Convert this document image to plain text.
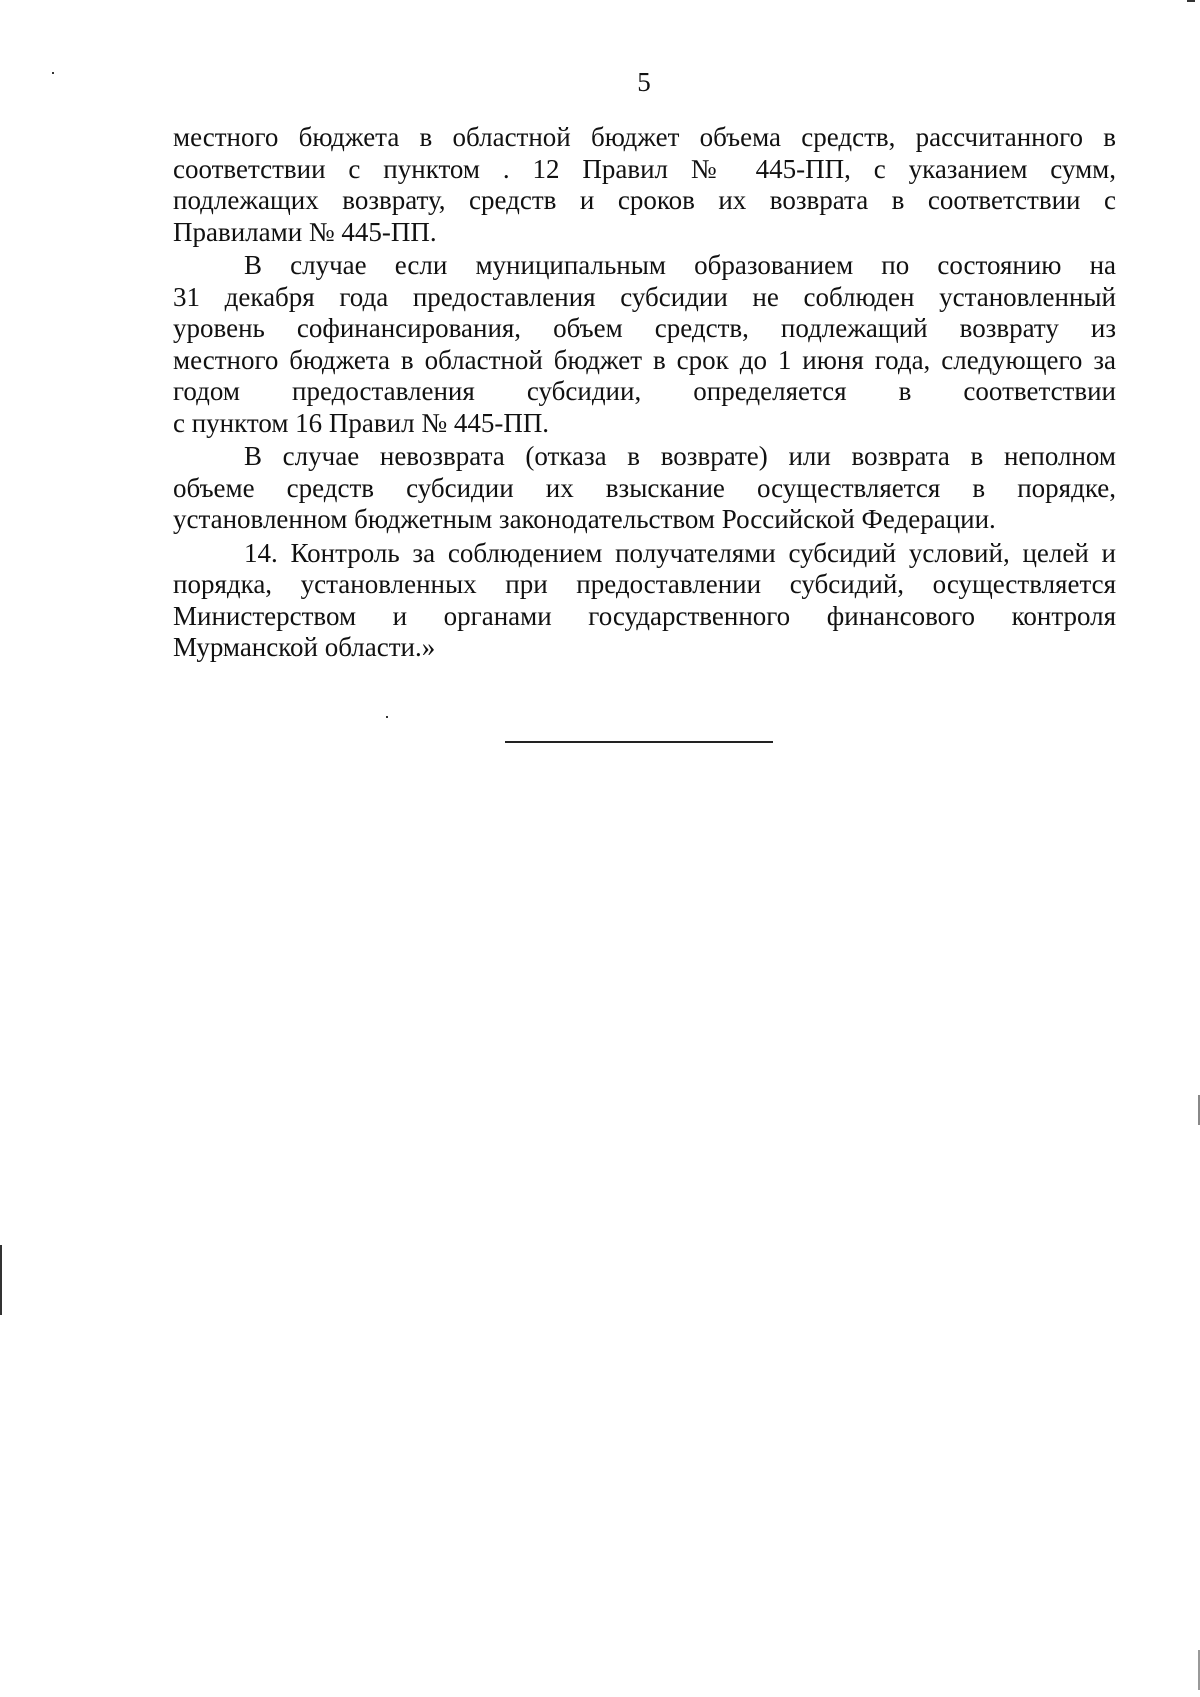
5
местного бюджета в областной бюджет объема средств, рассчитанного в
соответствии с пунктом . 12 Правил № 445-ПП, с указанием сумм,
подлежащих возврату, средств и сроков их возврата в соответствии с
Правилами № 445-ПП.
В случае если муниципальным образованием по состоянию на
31 декабря года предоставления субсидии не соблюден установленный
уровень софинансирования, объем средств, подлежащий возврату из
местного бюджета в областной бюджет в срок до 1 июня года, следующего за
годом предоставления субсидии, определяется в соответствии
с пунктом 16 Правил № 445-ПП.
В случае невозврата (отказа в возврате) или возврата в неполном
объеме средств субсидии их взыскание осуществляется в порядке,
установленном бюджетным законодательством Российской Федерации.
14. Контроль за соблюдением получателями субсидий условий, целей и
порядка, установленных при предоставлении субсидий, осуществляется
Министерством и органами государственного финансового контроля
Мурманской области.»
